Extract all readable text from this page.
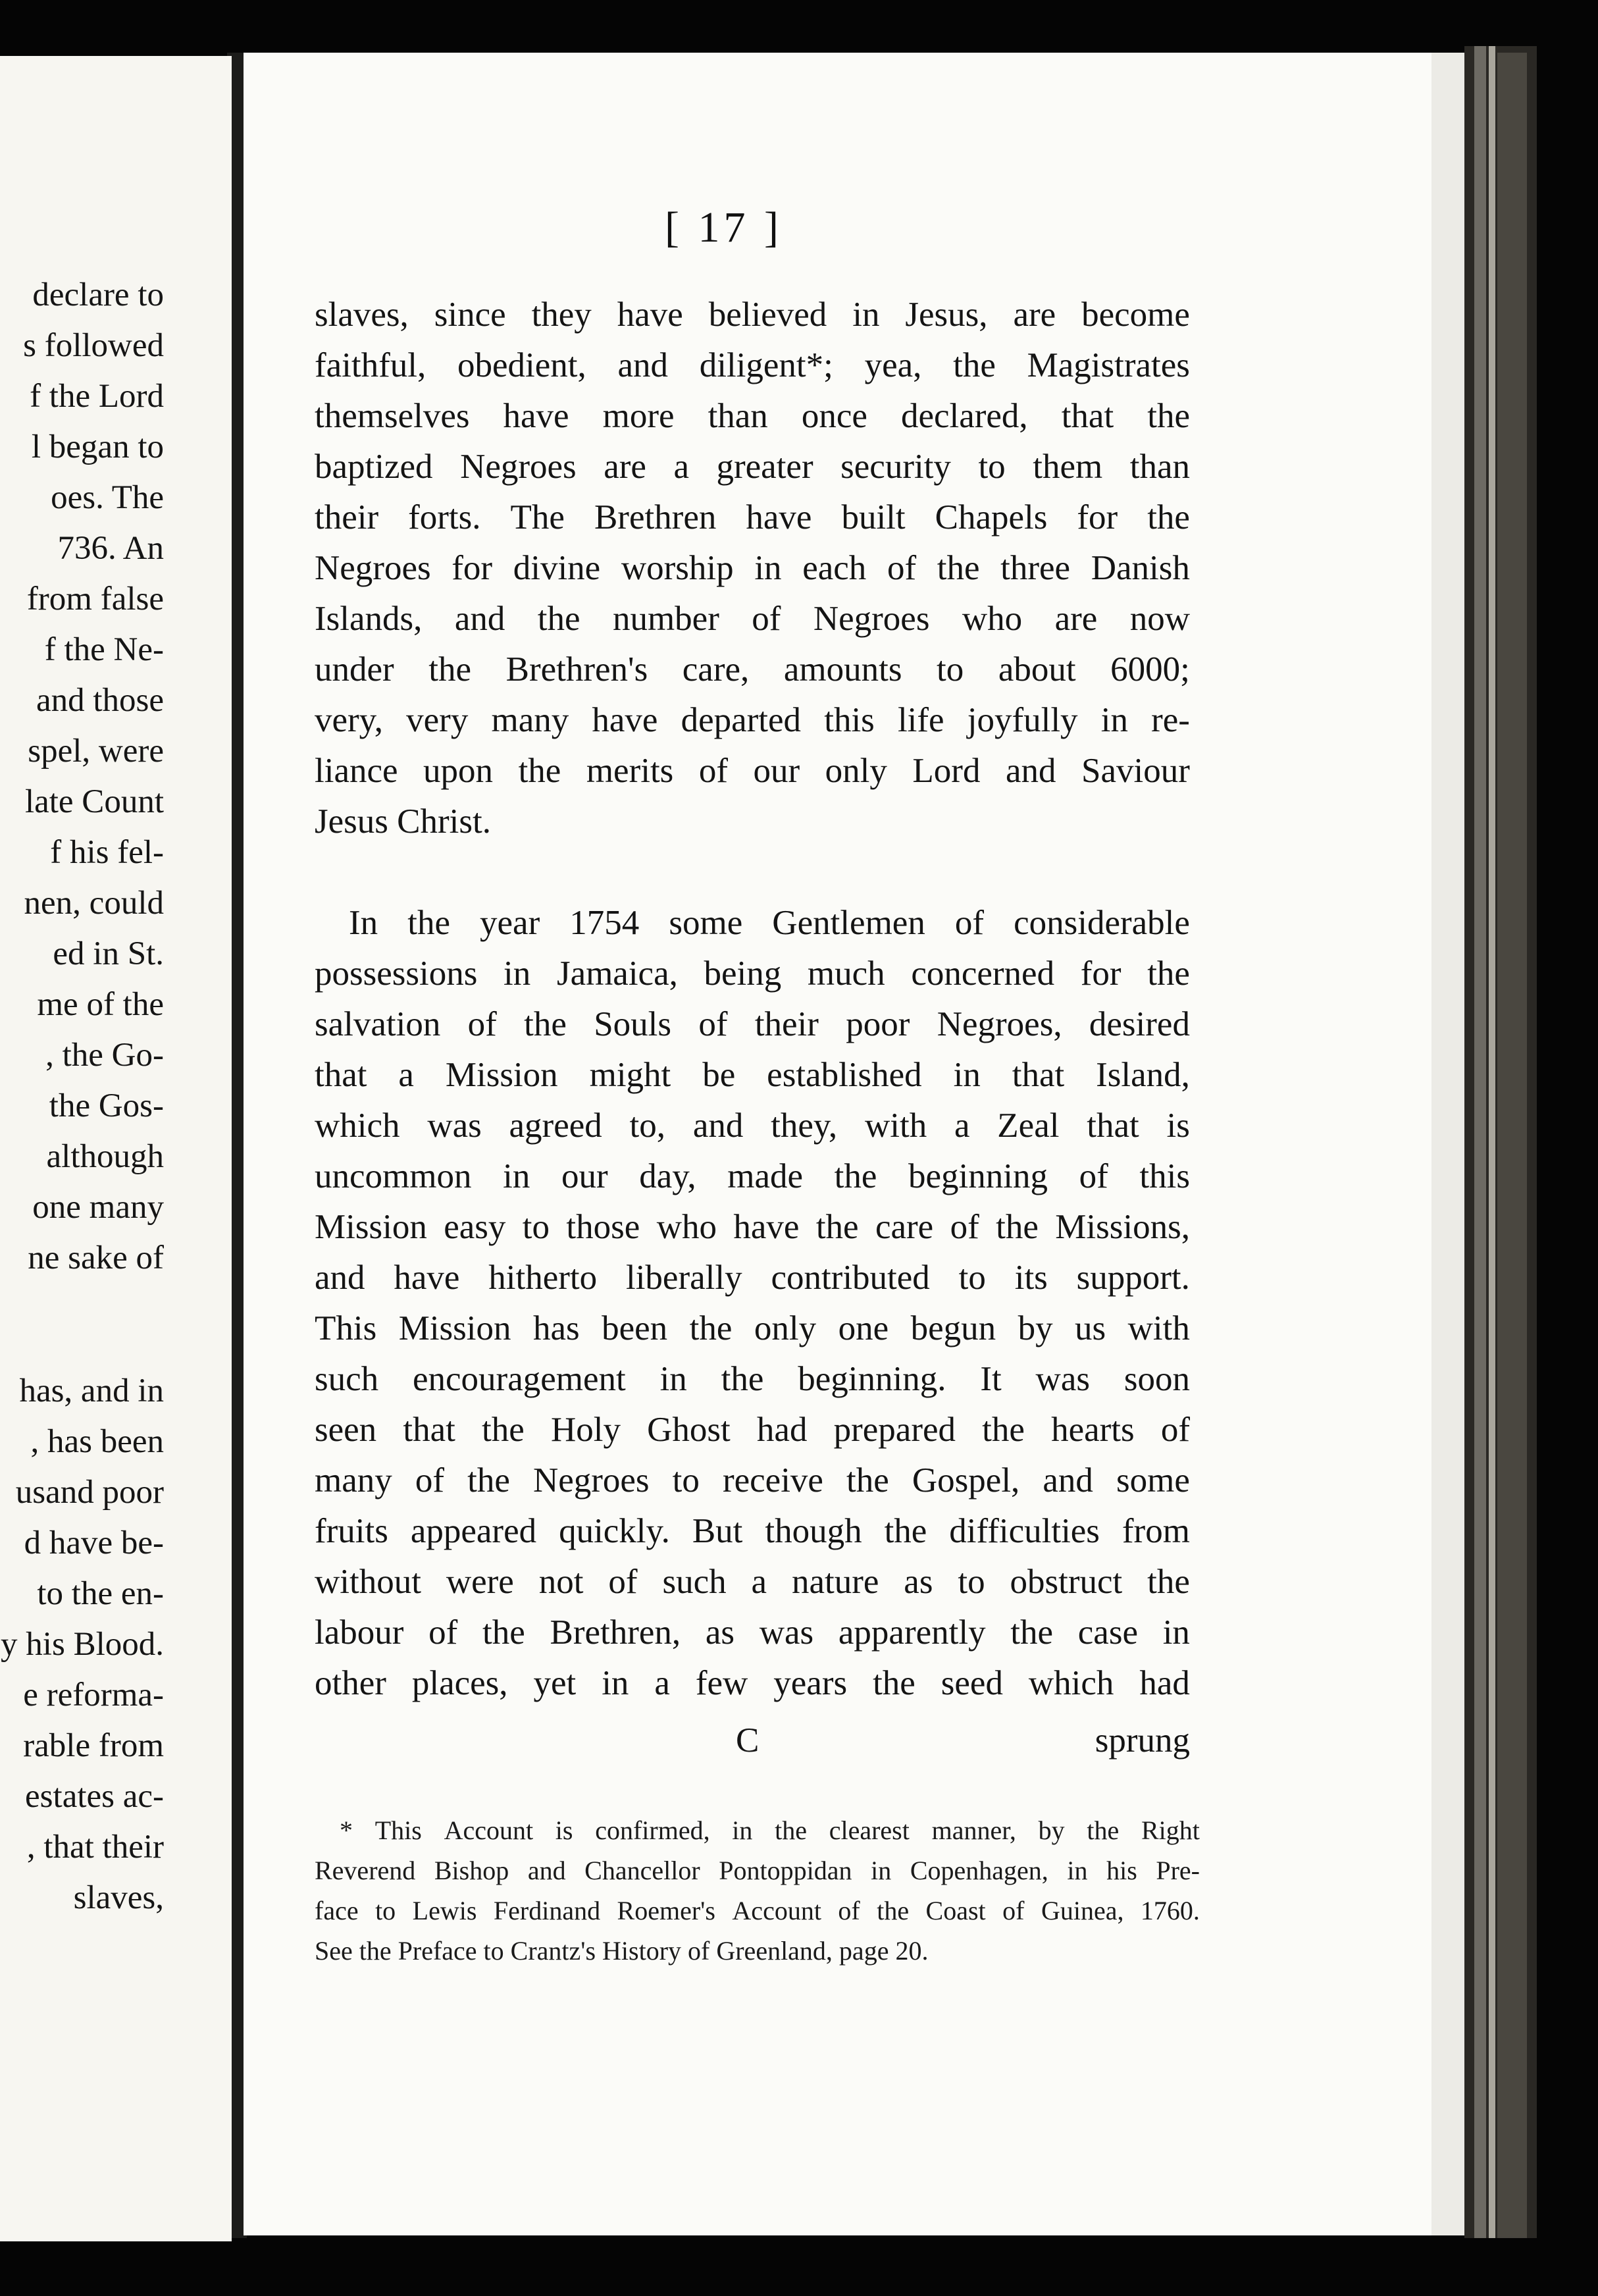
declare to
s followed
f the Lord
l began to
oes. The
736. An
from false
f the Ne-
and those
spel, were
late Count
f his fel-
nen, could
ed in St.
me of the
, the Go-
the Gos-
although
one many
ne sake of
has, and in
, has been
usand poor
d have be-
to the en-
y his Blood.
e reforma-
rable from
estates ac-
, that their
slaves,
[ 17 ]
slaves, since they have believed in Jesus, are become
faithful, obedient, and diligent*; yea, the Magistrates
themselves have more than once declared, that the
baptized Negroes are a greater security to them than
their forts. The Brethren have built Chapels for the
Negroes for divine worship in each of the three Danish
Islands, and the number of Negroes who are now
under the Brethren's care, amounts to about 6000;
very, very many have departed this life joyfully in re-
liance upon the merits of our only Lord and Saviour
Jesus Christ.
In the year 1754 some Gentlemen of considerable
possessions in Jamaica, being much concerned for the
salvation of the Souls of their poor Negroes, desired
that a Mission might be established in that Island,
which was agreed to, and they, with a Zeal that is
uncommon in our day, made the beginning of this
Mission easy to those who have the care of the Missions,
and have hitherto liberally contributed to its support.
This Mission has been the only one begun by us with
such encouragement in the beginning. It was soon
seen that the Holy Ghost had prepared the hearts of
many of the Negroes to receive the Gospel, and some
fruits appeared quickly. But though the difficulties from
without were not of such a nature as to obstruct the
labour of the Brethren, as was apparently the case in
other places, yet in a few years the seed which had
C	sprung
* This Account is confirmed, in the clearest manner, by the Right
Reverend Bishop and Chancellor Pontoppidan in Copenhagen, in his Pre-
face to Lewis Ferdinand Roemer's Account of the Coast of Guinea, 1760.
See the Preface to Crantz's History of Greenland, page 20.
